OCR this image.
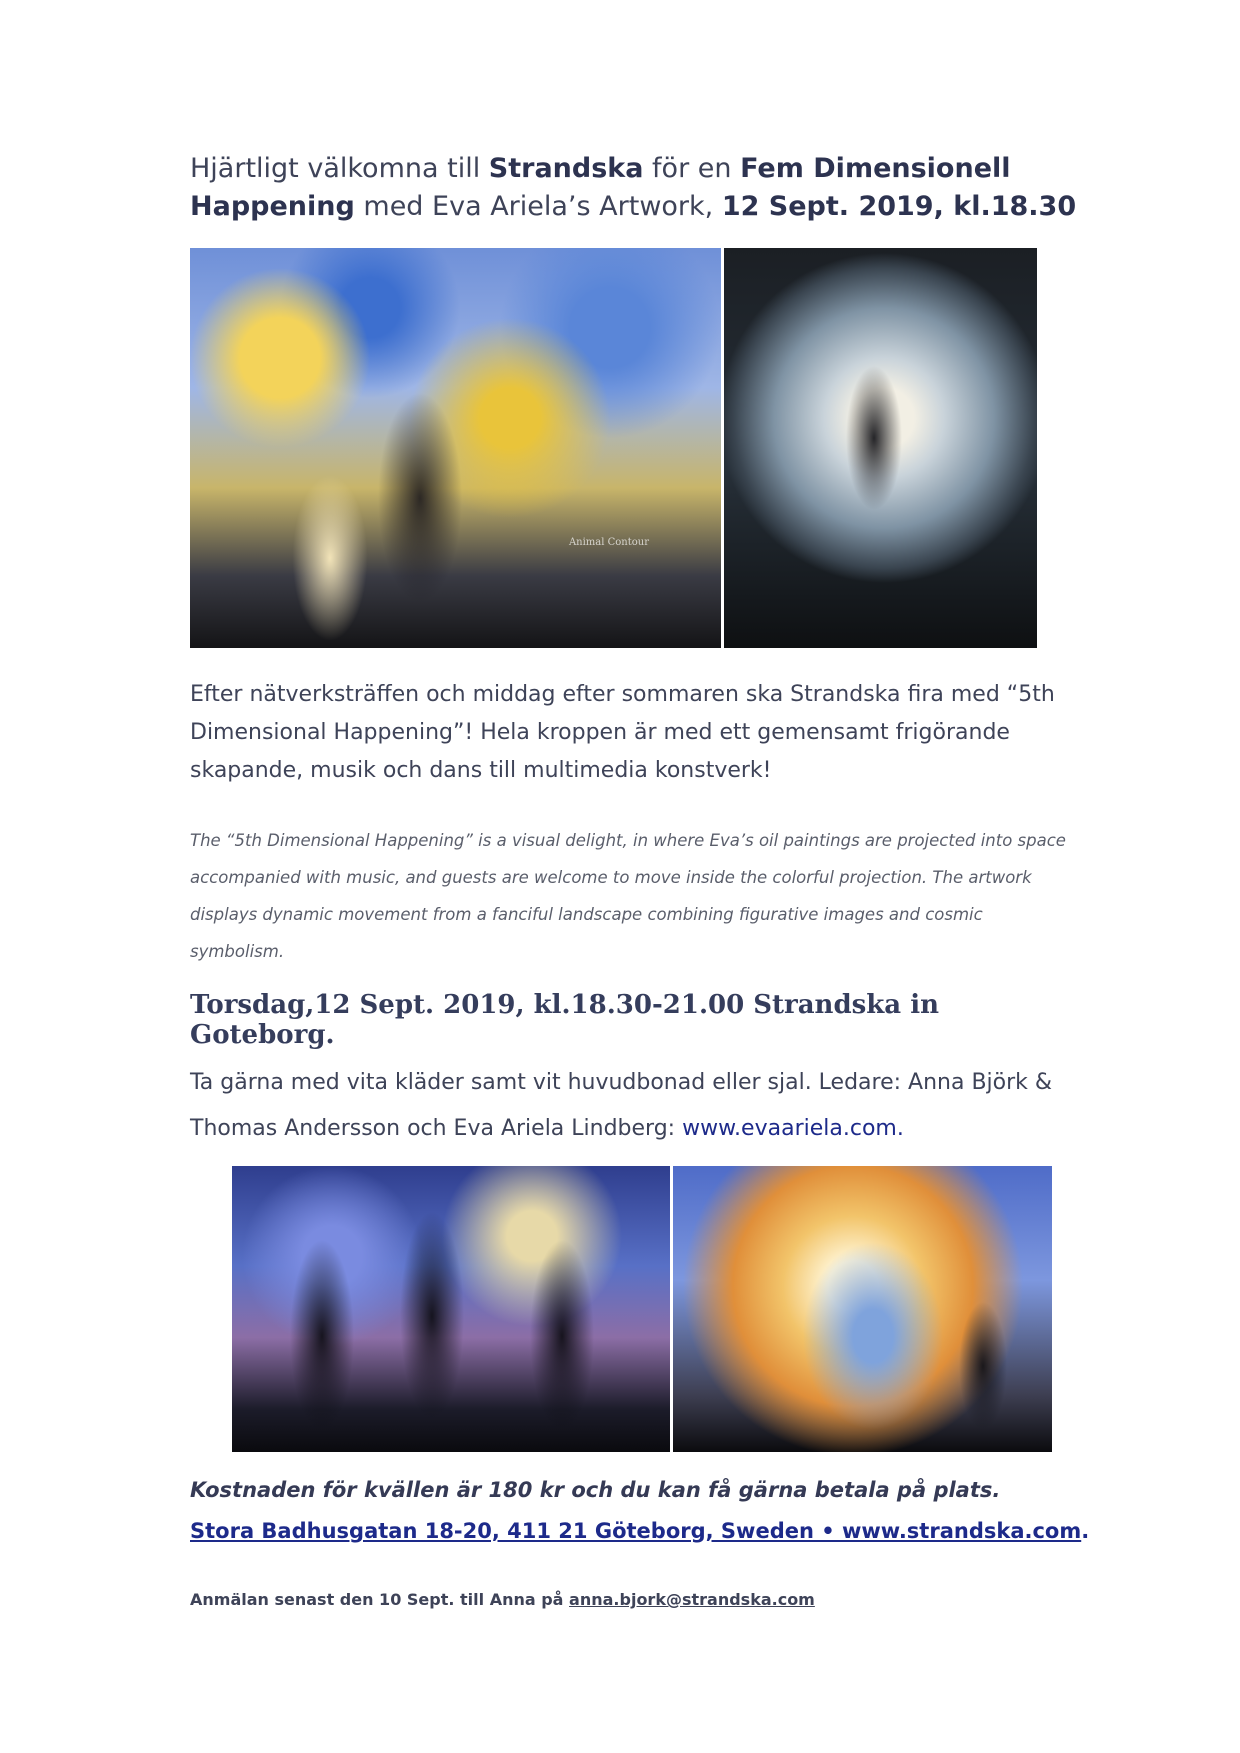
Hjärtligt välkomna till Strandska för en Fem Dimensionell Happening med Eva Ariela’s Artwork, 12 Sept. 2019, kl.18.30
Animal Contour
Efter nätverksträffen och middag efter sommaren ska Strandska fira med “5th Dimensional Happening”! Hela kroppen är med ett gemensamt frigörande skapande, musik och dans till multimedia konstverk!
The “5th Dimensional Happening” is a visual delight, in where Eva’s oil paintings are projected into space accompanied with music, and guests are welcome to move inside the colorful projection. The artwork displays dynamic movement from a fanciful landscape combining figurative images and cosmic symbolism.
Torsdag,12 Sept. 2019, kl.18.30-21.00 Strandska in Goteborg.
Ta gärna med vita kläder samt vit huvudbonad eller sjal. Ledare: Anna Björk & Thomas Andersson och Eva Ariela Lindberg: www.evaariela.com.
Kostnaden för kvällen är 180 kr och du kan få gärna betala på plats.
Stora Badhusgatan 18-20, 411 21 Göteborg, Sweden • www.strandska.com.
Anmälan senast den 10 Sept. till Anna på anna.bjork@strandska.com
